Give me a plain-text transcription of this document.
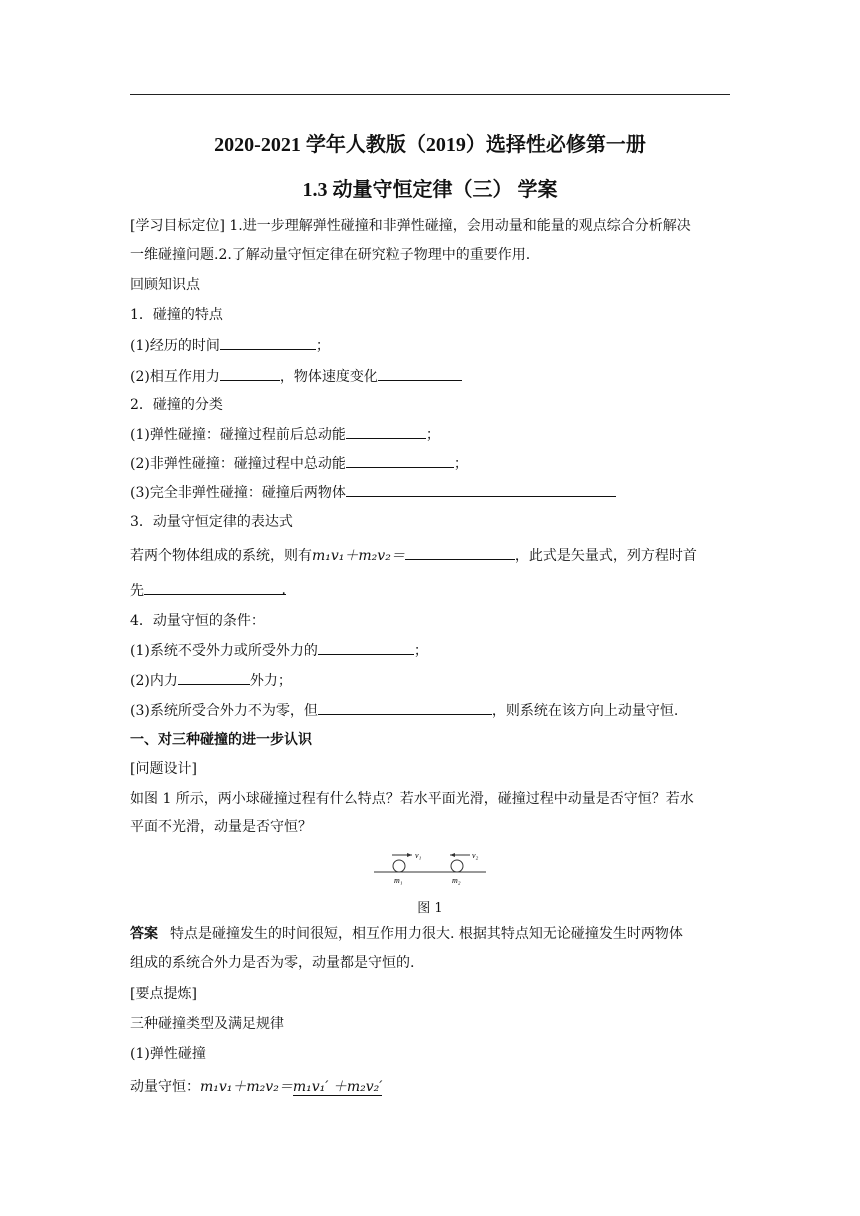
2020-2021 学年人教版（2019）选择性必修第一册
1.3 动量守恒定律（三） 学案
[学习目标定位] 1.进一步理解弹性碰撞和非弹性碰撞，会用动量和能量的观点综合分析解决
一维碰撞问题.2.了解动量守恒定律在研究粒子物理中的重要作用.
回顾知识点
1．碰撞的特点
(1)经历的时间	；
(2)相互作用力	，物体速度变化
2．碰撞的分类
(1)弹性碰撞：碰撞过程前后总动能	；
(2)非弹性碰撞：碰撞过程中总动能	；
(3)完全非弹性碰撞：碰撞后两物体
3．动量守恒定律的表达式
若两个物体组成的系统，则有m₁v₁＋m₂v₂＝	，此式是矢量式，列方程时首
先	.
4．动量守恒的条件：
(1)系统不受外力或所受外力的	；
(2)内力	外力；
(3)系统所受合外力不为零，但	，则系统在该方向上动量守恒.
一、对三种碰撞的进一步认识
[问题设计]
如图 1 所示，两小球碰撞过程有什么特点？若水平面光滑，碰撞过程中动量是否守恒？若水
平面不光滑，动量是否守恒？
v₁	v₂
m₁	m₂
图 1
答案 特点是碰撞发生的时间很短，相互作用力很大. 根据其特点知无论碰撞发生时两物体
组成的系统合外力是否为零，动量都是守恒的.
[要点提炼]
三种碰撞类型及满足规律
(1)弹性碰撞
动量守恒：m₁v₁＋m₂v₂＝m₁v₁′ ＋m₂v₂′
